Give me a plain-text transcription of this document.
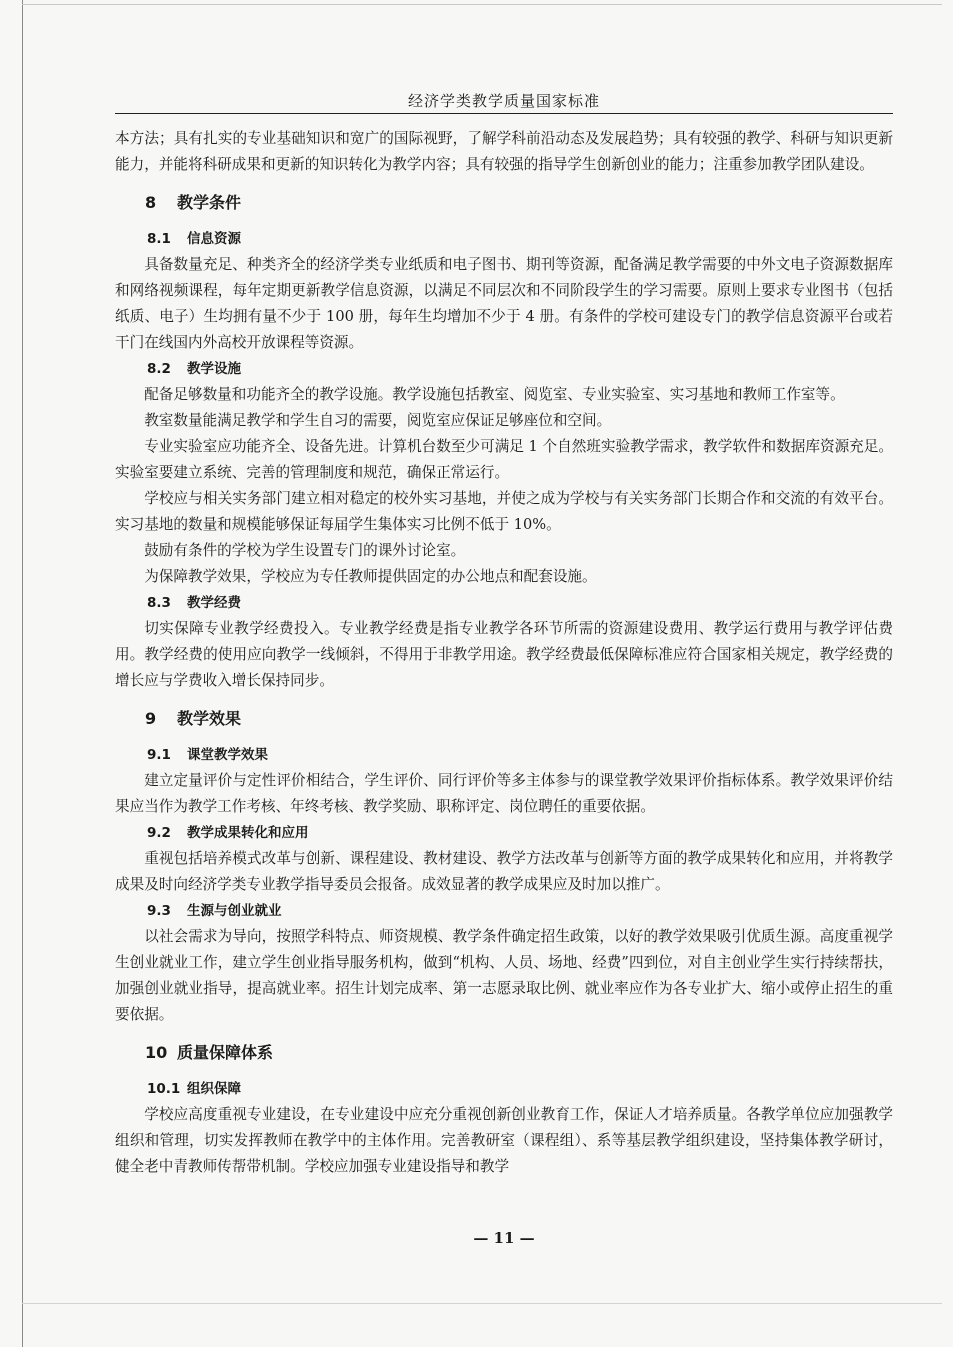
经济学类教学质量国家标准

本方法；具有扎实的专业基础知识和宽广的国际视野，了解学科前沿动态及发展趋势；具有较强的教学、科研与知识更新能力，并能将科研成果和更新的知识转化为教学内容；具有较强的指导学生创新创业的能力；注重参加教学团队建设。

8 教学条件
8.1 信息资源

具备数量充足、种类齐全的经济学类专业纸质和电子图书、期刊等资源，配备满足教学需要的中外文电子资源数据库和网络视频课程，每年定期更新教学信息资源，以满足不同层次和不同阶段学生的学习需要。原则上要求专业图书（包括纸质、电子）生均拥有量不少于 100 册，每年生均增加不少于 4 册。有条件的学校可建设专门的教学信息资源平台或若干门在线国内外高校开放课程等资源。

8.2 教学设施

配备足够数量和功能齐全的教学设施。教学设施包括教室、阅览室、专业实验室、实习基地和教师工作室等。

教室数量能满足教学和学生自习的需要，阅览室应保证足够座位和空间。

专业实验室应功能齐全、设备先进。计算机台数至少可满足 1 个自然班实验教学需求，教学软件和数据库资源充足。实验室要建立系统、完善的管理制度和规范，确保正常运行。

学校应与相关实务部门建立相对稳定的校外实习基地，并使之成为学校与有关实务部门长期合作和交流的有效平台。实习基地的数量和规模能够保证每届学生集体实习比例不低于 10%。

鼓励有条件的学校为学生设置专门的课外讨论室。

为保障教学效果，学校应为专任教师提供固定的办公地点和配套设施。

8.3 教学经费

切实保障专业教学经费投入。专业教学经费是指专业教学各环节所需的资源建设费用、教学运行费用与教学评估费用。教学经费的使用应向教学一线倾斜，不得用于非教学用途。教学经费最低保障标准应符合国家相关规定，教学经费的增长应与学费收入增长保持同步。

9 教学效果
9.1 课堂教学效果

建立定量评价与定性评价相结合，学生评价、同行评价等多主体参与的课堂教学效果评价指标体系。教学效果评价结果应当作为教学工作考核、年终考核、教学奖励、职称评定、岗位聘任的重要依据。

9.2 教学成果转化和应用

重视包括培养模式改革与创新、课程建设、教材建设、教学方法改革与创新等方面的教学成果转化和应用，并将教学成果及时向经济学类专业教学指导委员会报备。成效显著的教学成果应及时加以推广。

9.3 生源与创业就业

以社会需求为导向，按照学科特点、师资规模、教学条件确定招生政策，以好的教学效果吸引优质生源。高度重视学生创业就业工作，建立学生创业指导服务机构，做到“机构、人员、场地、经费”四到位，对自主创业学生实行持续帮扶，加强创业就业指导，提高就业率。招生计划完成率、第一志愿录取比例、就业率应作为各专业扩大、缩小或停止招生的重要依据。

10 质量保障体系
10.1 组织保障

学校应高度重视专业建设，在专业建设中应充分重视创新创业教育工作，保证人才培养质量。各教学单位应加强教学组织和管理，切实发挥教师在教学中的主体作用。完善教研室（课程组）、系等基层教学组织建设，坚持集体教学研讨，健全老中青教师传帮带机制。学校应加强专业建设指导和教学

— 11 —
